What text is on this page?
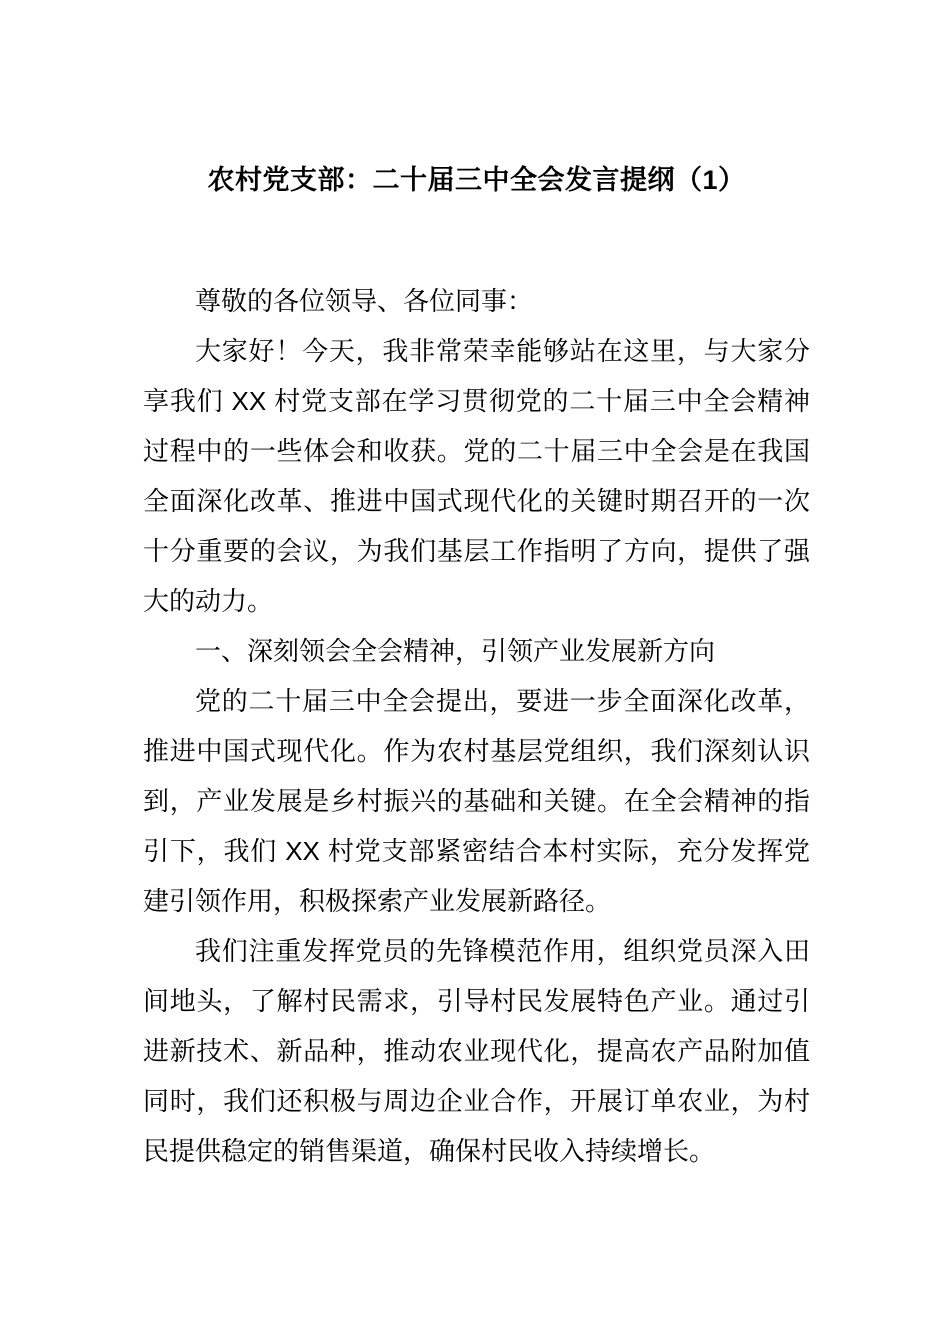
农村党支部：二十届三中全会发言提纲（1）

尊敬的各位领导、各位同事：

大家好！今天，我非常荣幸能够站在这里，与大家分享我们 XX 村党支部在学习贯彻党的二十届三中全会精神过程中的一些体会和收获。党的二十届三中全会是在我国全面深化改革、推进中国式现代化的关键时期召开的一次十分重要的会议，为我们基层工作指明了方向，提供了强大的动力。

一、深刻领会全会精神，引领产业发展新方向

党的二十届三中全会提出，要进一步全面深化改革，推进中国式现代化。作为农村基层党组织，我们深刻认识到，产业发展是乡村振兴的基础和关键。在全会精神的指引下，我们 XX 村党支部紧密结合本村实际，充分发挥党建引领作用，积极探索产业发展新路径。

我们注重发挥党员的先锋模范作用，组织党员深入田间地头，了解村民需求，引导村民发展特色产业。通过引进新技术、新品种，推动农业现代化，提高农产品附加值同时，我们还积极与周边企业合作，开展订单农业，为村民提供稳定的销售渠道，确保村民收入持续增长。
